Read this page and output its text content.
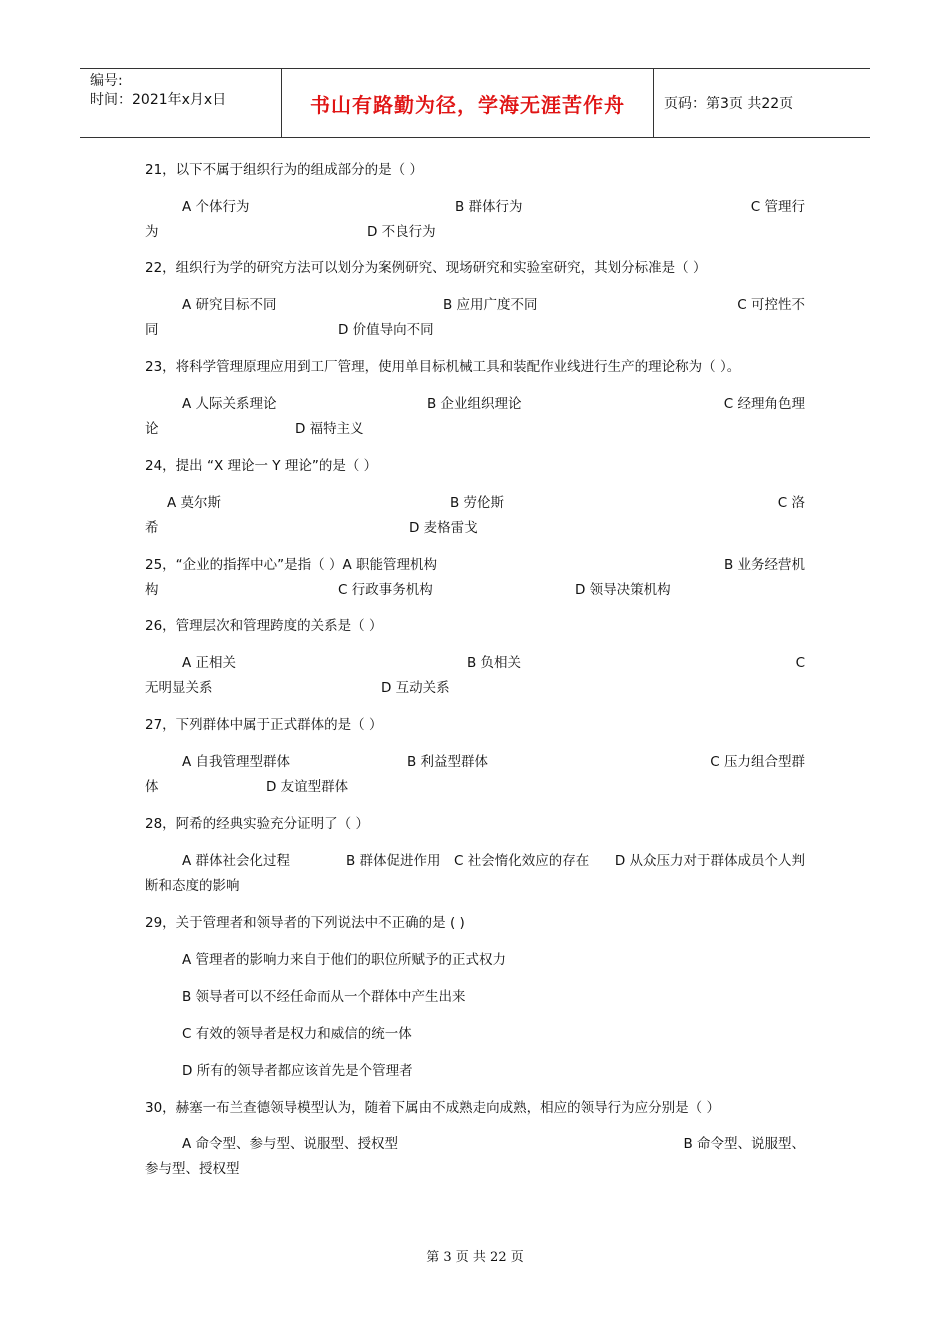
编号:
时间：2021年x月x日	书山有路勤为径，学海无涯苦作舟	页码：第3页 共22页
21，以下不属于组织行为的组成部分的是（ ）
A 个体行为	B 群体行为	C 管理行
为	D 不良行为
22，组织行为学的研究方法可以划分为案例研究、现场研究和实验室研究，其划分标准是（ ）
A 研究目标不同	B 应用广度不同	C 可控性不
同	D 价值导向不同
23，将科学管理原理应用到工厂管理，使用单目标机械工具和装配作业线进行生产的理论称为（ ）。
A 人际关系理论	B 企业组织理论	C 经理角色理
论	D 福特主义
24，提出 “X 理论一 Y 理论”的是（ ）
A 莫尔斯	B 劳伦斯	C 洛
希	D 麦格雷戈
25，“企业的指挥中心”是指（ ）A 职能管理机构	B 业务经营机
构	C 行政事务机构	D 领导决策机构
26，管理层次和管理跨度的关系是（ ）
A 正相关	B 负相关	C
无明显关系	D 互动关系
27，下列群体中属于正式群体的是（ ）
A 自我管理型群体	B 利益型群体	C 压力组合型群
体	D 友谊型群体
28，阿希的经典实验充分证明了（ ）
A 群体社会化过程	B 群体促进作用 C 社会惰化效应的存在 D 从众压力对于群体成员个人判
断和态度的影响
29，关于管理者和领导者的下列说法中不正确的是 ( )
A 管理者的影响力来自于他们的职位所赋予的正式权力
B 领导者可以不经任命而从一个群体中产生出来
C 有效的领导者是权力和威信的统一体
D 所有的领导者都应该首先是个管理者
30，赫塞一布兰查德领导模型认为，随着下属由不成熟走向成熟，相应的领导行为应分别是（ ）
A 命令型、参与型、说服型、授权型	B 命令型、说服型、
参与型、授权型
第 3 页 共 22 页
